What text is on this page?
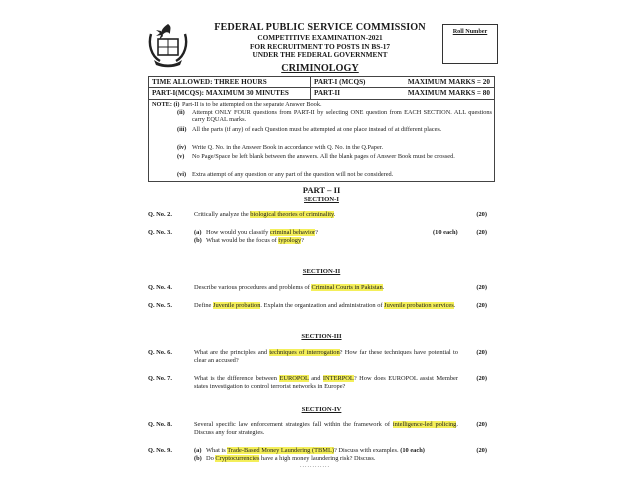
FEDERAL PUBLIC SERVICE COMMISSION
COMPETITIVE EXAMINATION-2021
FOR RECRUITMENT TO POSTS IN BS-17
UNDER THE FEDERAL GOVERNMENT
CRIMINOLOGY
Roll Number
TIME ALLOWED: THREE HOURS	PART-I (MCQS)	MAXIMUM MARKS = 20
PART-I(MCQS): MAXIMUM 30 MINUTES	PART-II	MAXIMUM MARKS = 80
NOTE: (i) Part-II is to be attempted on the separate Answer Book.
(ii) Attempt ONLY FOUR questions from PART-II by selecting ONE question from EACH SECTION. ALL questions carry EQUAL marks.
(iii) All the parts (if any) of each Question must be attempted at one place instead of at different places.
(iv) Write Q. No. in the Answer Book in accordance with Q. No. in the Q.Paper.
(v) No Page/Space be left blank between the answers. All the blank pages of Answer Book must be crossed.
(vi) Extra attempt of any question or any part of the question will not be considered.
PART – II
SECTION-I
Q. No. 2.	Critically analyze the biological theories of criminality.	(20)
Q. No. 3.	(a) How would you classify criminal behavior?	(10 each)	(20)
(b) What would be the focus of typology?
SECTION-II
Q. No. 4.	Describe various procedures and problems of Criminal Courts in Pakistan.	(20)
Q. No. 5.	Define Juvenile probation. Explain the organization and administration of Juvenile probation services.	(20)
SECTION-III
Q. No. 6.	What are the principles and techniques of interrogation? How far these techniques have potential to clear an accused?
(20)
Q. No. 7.	What is the difference between EUROPOL and INTERPOL? How does EUROPOL assist Member states investigation to control terrorist networks in Europe?
(20)
SECTION-IV
Q. No. 8.	Several specific law enforcement strategies fall within the framework of intelligence-led policing. Discuss any four strategies.
(20)
Q. No. 9.	(a) What is Trade-Based Money Laundering (TBML)? Discuss with examples. (10 each)	(20)
(b) Do Cryptocurrencies have a high money laundering risk? Discuss.
............
